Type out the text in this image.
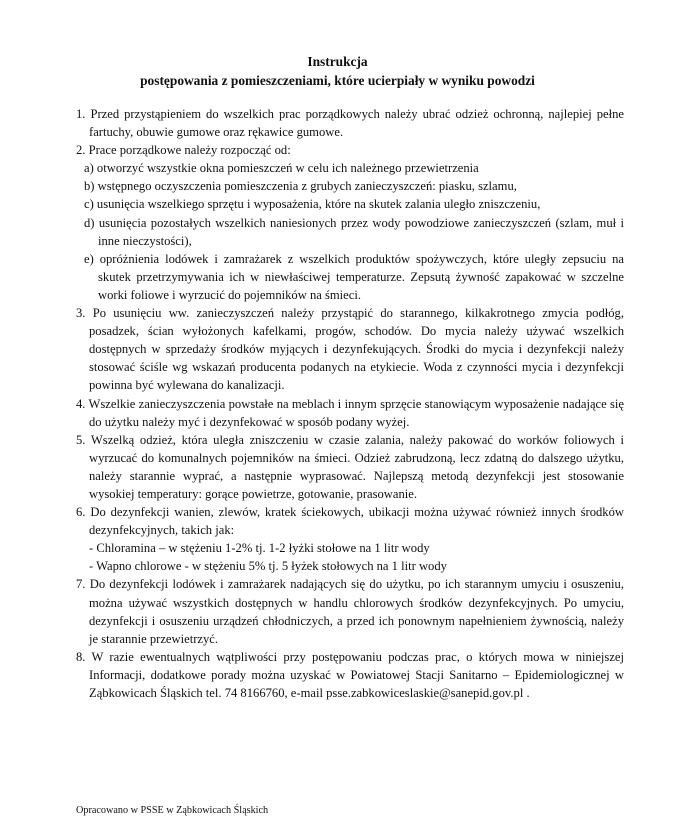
Instrukcja
postępowania z pomieszczeniami, które ucierpiały w wyniku powodzi
1. Przed przystąpieniem do wszelkich prac porządkowych należy ubrać odzież ochronną, najlepiej pełne fartuchy, obuwie gumowe oraz rękawice gumowe.
2. Prace porządkowe należy rozpocząć od:
a) otworzyć wszystkie okna pomieszczeń w celu ich należnego przewietrzenia
b) wstępnego oczyszczenia pomieszczenia z grubych zanieczyszczeń: piasku, szlamu,
c) usunięcia wszelkiego sprzętu i wyposażenia, które na skutek zalania uległo zniszczeniu,
d) usunięcia pozostałych wszelkich naniesionych przez wody powodziowe zanieczyszczeń (szlam, muł i inne nieczystości),
e) opróżnienia lodówek i zamrażarek z wszelkich produktów spożywczych, które uległy zepsuciu na skutek przetrzymywania ich w niewłaściwej temperaturze. Zepsutą żywność zapakować w szczelne worki foliowe i wyrzucić do pojemników na śmieci.
3. Po usunięciu ww. zanieczyszczeń należy przystąpić do starannego, kilkakrotnego zmycia podłóg, posadzek, ścian wyłożonych kafelkami, progów, schodów. Do mycia należy używać wszelkich dostępnych w sprzedaży środków myjących i dezynfekujących. Środki do mycia i dezynfekcji należy stosować ściśle wg wskazań producenta podanych na etykiecie. Woda z czynności mycia i dezynfekcji powinna być wylewana do kanalizacji.
4. Wszelkie zanieczyszczenia powstałe na meblach i innym sprzęcie stanowiącym wyposażenie nadające się do użytku należy myć i dezynfekować w sposób podany wyżej.
5. Wszelką odzież, która uległa zniszczeniu w czasie zalania, należy pakować do worków foliowych i wyrzucać do komunalnych pojemników na śmieci. Odzież zabrudzoną, lecz zdatną do dalszego użytku, należy starannie wyprać, a następnie wyprasować. Najlepszą metodą dezynfekcji jest stosowanie wysokiej temperatury: gorące powietrze, gotowanie, prasowanie.
6. Do dezynfekcji wanien, zlewów, kratek ściekowych, ubikacji można używać również innych środków dezynfekcyjnych, takich jak:
- Chloramina – w stężeniu 1-2% tj. 1-2 łyżki stołowe na 1 litr wody
- Wapno chlorowe - w stężeniu 5% tj. 5 łyżek stołowych na 1 litr wody
7. Do dezynfekcji lodówek i zamrażarek nadających się do użytku, po ich starannym umyciu i osuszeniu, można używać wszystkich dostępnych w handlu chlorowych środków dezynfekcyjnych. Po umyciu, dezynfekcji i osuszeniu urządzeń chłodniczych, a przed ich ponownym napełnieniem żywnością, należy je starannie przewietrzyć.
8. W razie ewentualnych wątpliwości przy postępowaniu podczas prac, o których mowa w niniejszej Informacji, dodatkowe porady można uzyskać w Powiatowej Stacji Sanitarno – Epidemiologicznej w Ząbkowicach Śląskich tel. 74 8166760, e-mail psse.zabkowiceslaskie@sanepid.gov.pl .
Opracowano w PSSE w Ząbkowicach Śląskich
